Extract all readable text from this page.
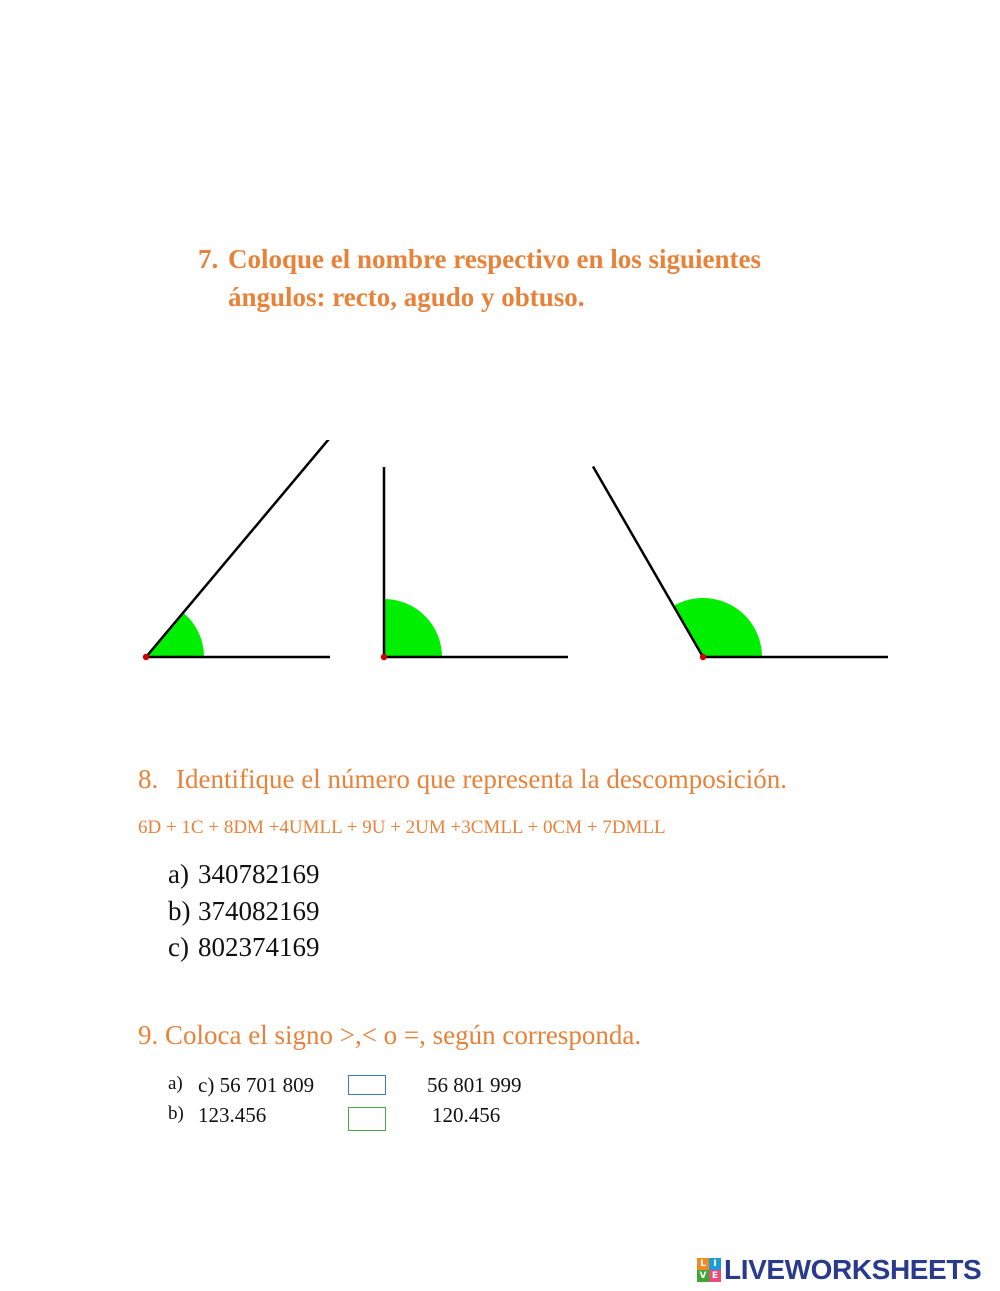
7. Coloque el nombre respectivo en los siguientes
ángulos: recto, agudo y obtuso.
8. Identifique el número que representa la descomposición.
6D + 1C + 8DM +4UMLL + 9U + 2UM +3CMLL + 0CM + 7DMLL
a) 340782169
b) 374082169
c) 802374169
9. Coloca el signo >,< o =, según corresponda.
a) c) 56 701 809	56 801 999
b) 123.456	120.456
L I
V E LIVEWORKSHEETS
